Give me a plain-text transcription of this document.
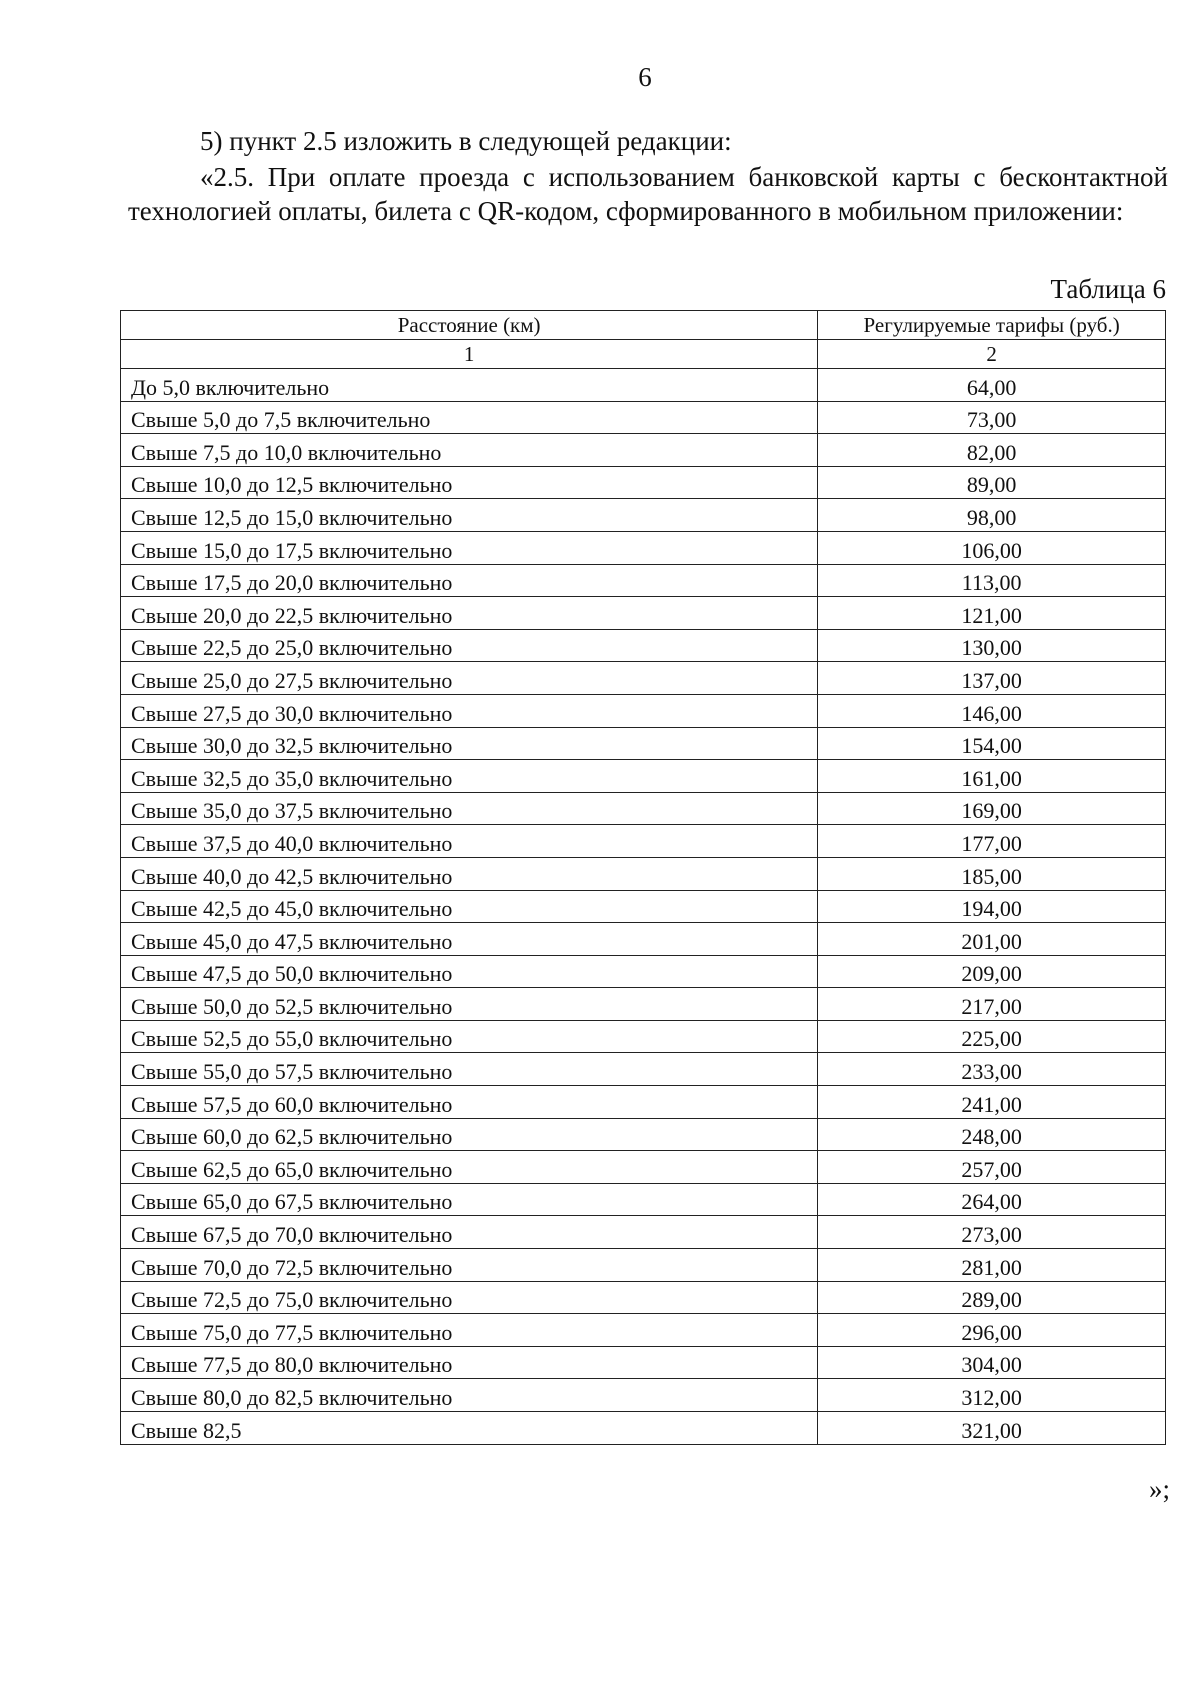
6
5) пункт 2.5 изложить в следующей редакции:
«2.5. При оплате проезда с использованием банковской карты с бесконтактной технологией оплаты, билета с QR-кодом, сформированного в мобильном приложении:
Таблица 6
Расстояние (км)	Регулируемые тарифы (руб.)
1	2
До 5,0 включительно	64,00
Свыше 5,0 до 7,5 включительно	73,00
Свыше 7,5 до 10,0 включительно	82,00
Свыше 10,0 до 12,5 включительно	89,00
Свыше 12,5 до 15,0 включительно	98,00
Свыше 15,0 до 17,5 включительно	106,00
Свыше 17,5 до 20,0 включительно	113,00
Свыше 20,0 до 22,5 включительно	121,00
Свыше 22,5 до 25,0 включительно	130,00
Свыше 25,0 до 27,5 включительно	137,00
Свыше 27,5 до 30,0 включительно	146,00
Свыше 30,0 до 32,5 включительно	154,00
Свыше 32,5 до 35,0 включительно	161,00
Свыше 35,0 до 37,5 включительно	169,00
Свыше 37,5 до 40,0 включительно	177,00
Свыше 40,0 до 42,5 включительно	185,00
Свыше 42,5 до 45,0 включительно	194,00
Свыше 45,0 до 47,5 включительно	201,00
Свыше 47,5 до 50,0 включительно	209,00
Свыше 50,0 до 52,5 включительно	217,00
Свыше 52,5 до 55,0 включительно	225,00
Свыше 55,0 до 57,5 включительно	233,00
Свыше 57,5 до 60,0 включительно	241,00
Свыше 60,0 до 62,5 включительно	248,00
Свыше 62,5 до 65,0 включительно	257,00
Свыше 65,0 до 67,5 включительно	264,00
Свыше 67,5 до 70,0 включительно	273,00
Свыше 70,0 до 72,5 включительно	281,00
Свыше 72,5 до 75,0 включительно	289,00
Свыше 75,0 до 77,5 включительно	296,00
Свыше 77,5 до 80,0 включительно	304,00
Свыше 80,0 до 82,5 включительно	312,00
Свыше 82,5	321,00
»;
